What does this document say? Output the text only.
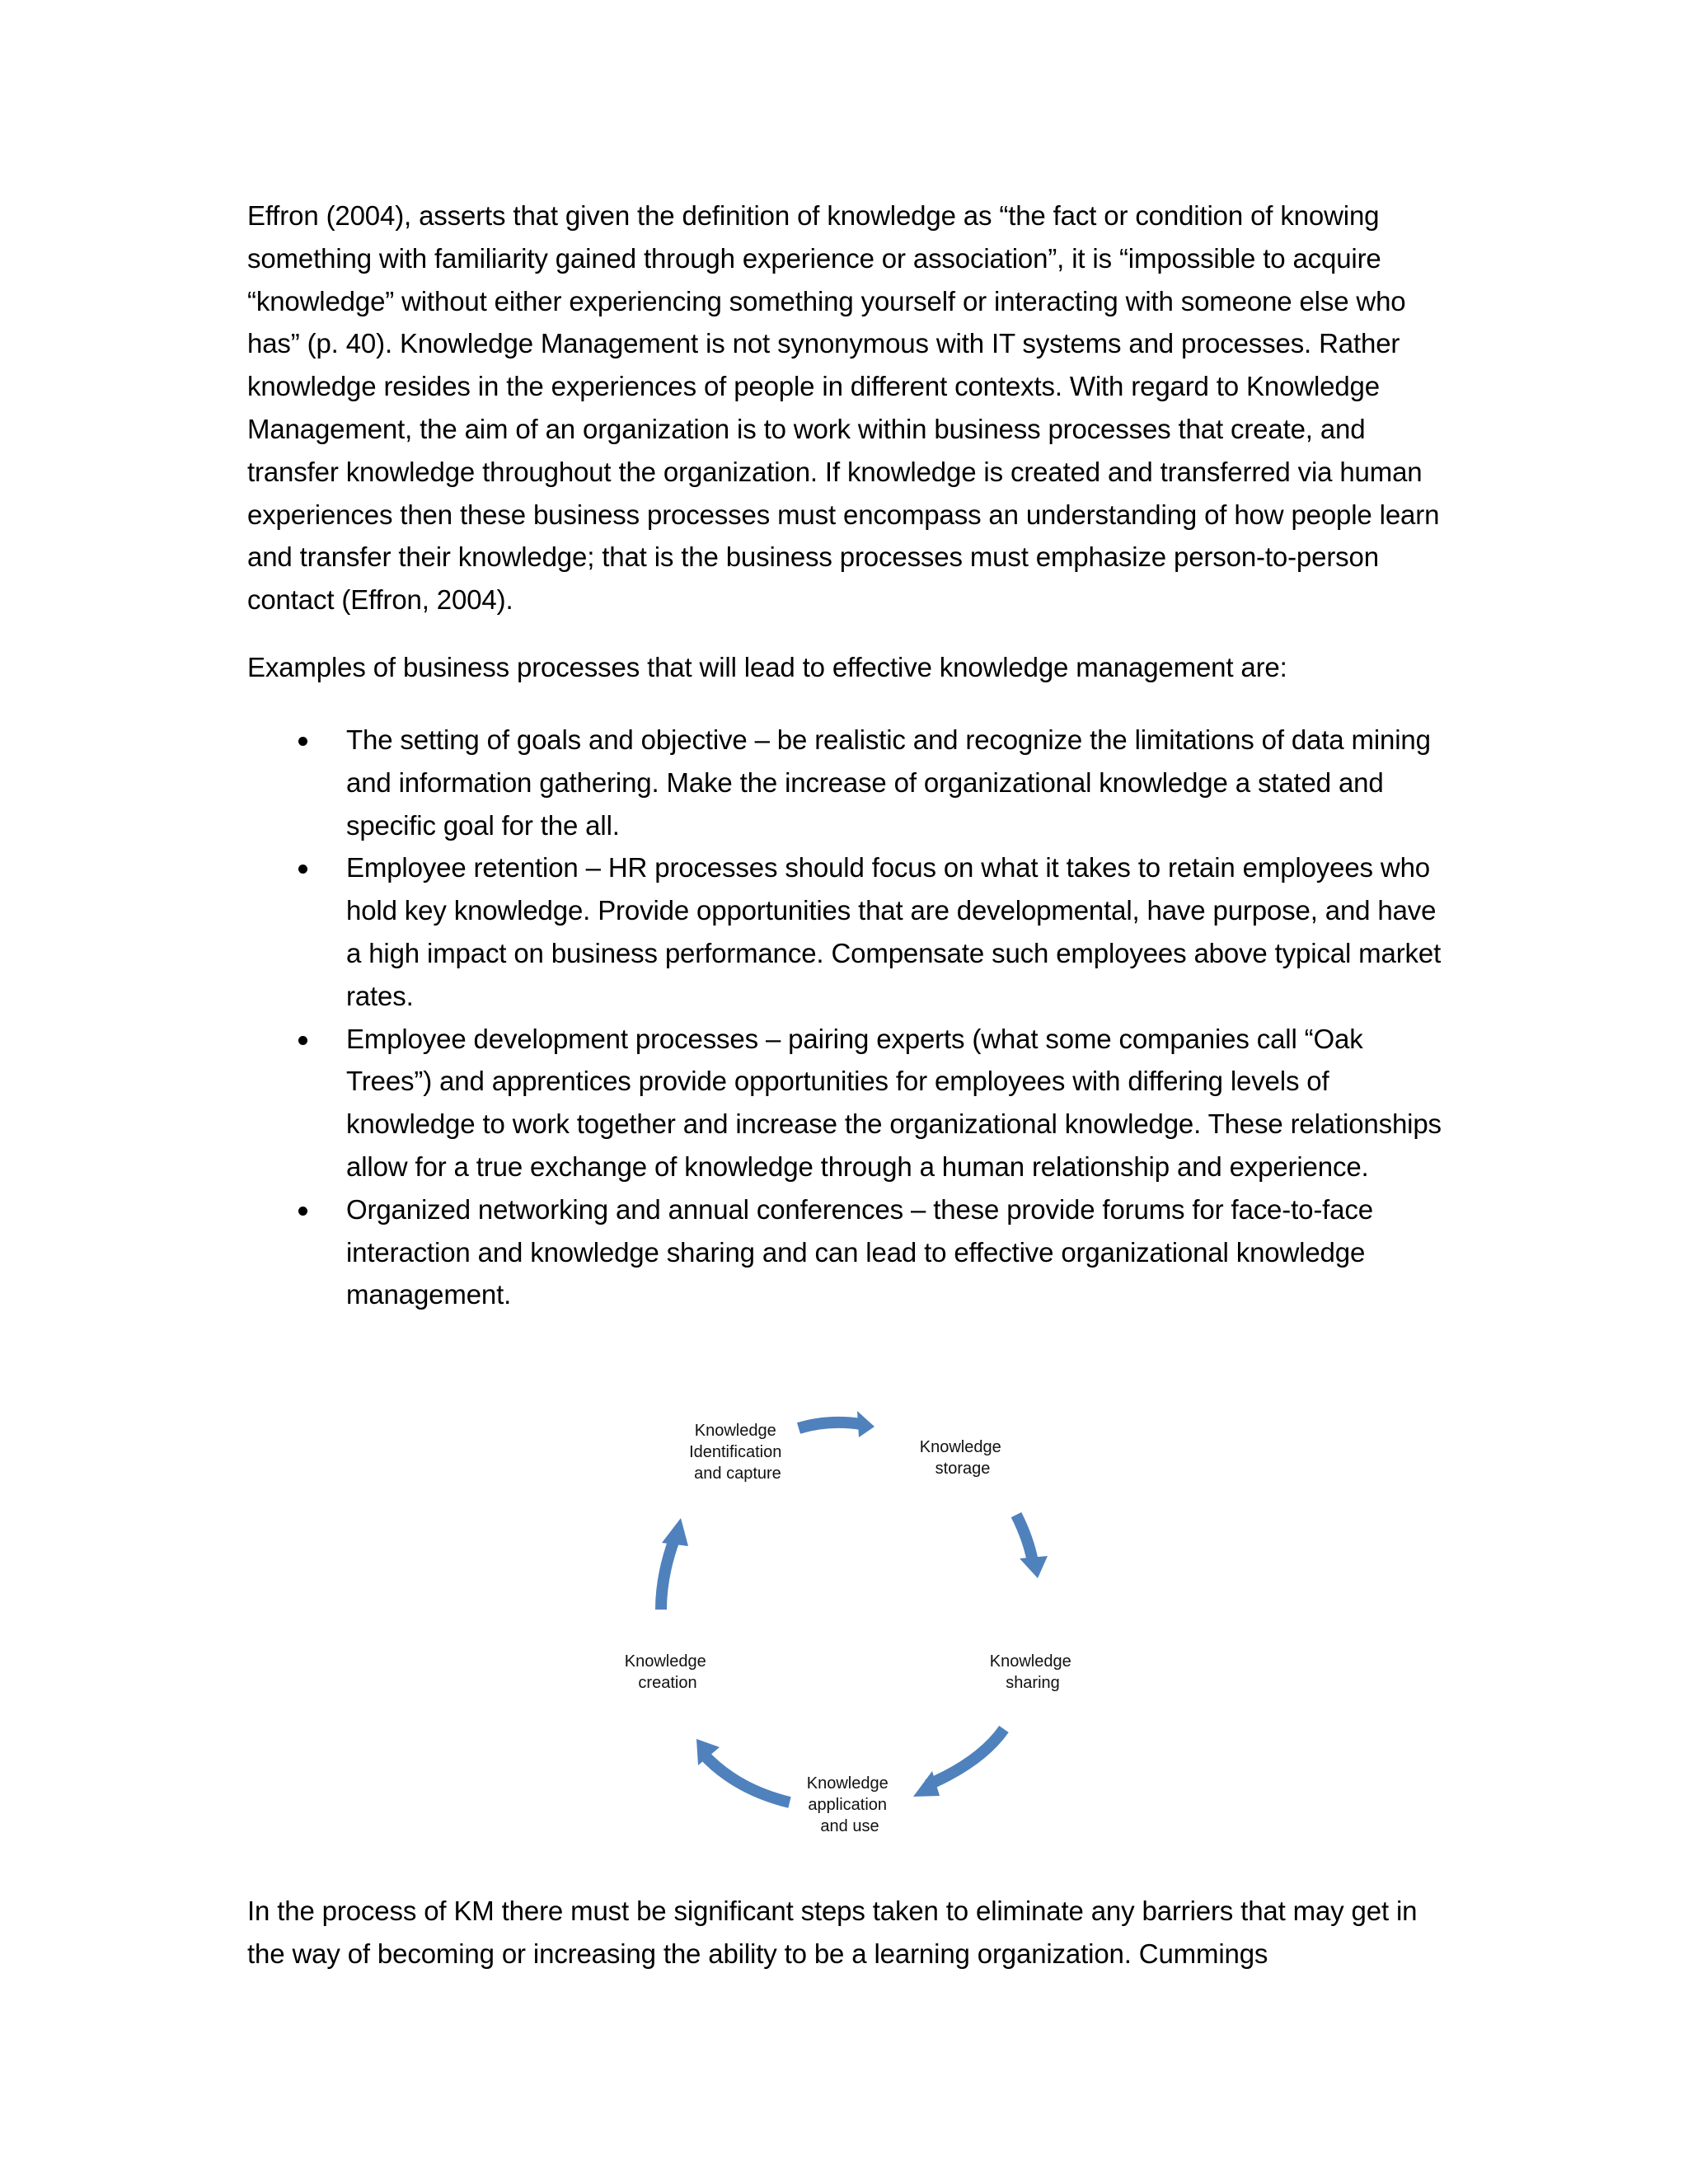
Effron (2004), asserts that given the definition of knowledge as “the fact or condition of knowing something with familiarity gained through experience or association”, it is “impossible to acquire “knowledge” without either experiencing something yourself or interacting with someone else who has” (p. 40). Knowledge Management is not synonymous with IT systems and processes. Rather knowledge resides in the experiences of people in different contexts. With regard to Knowledge Management, the aim of an organization is to work within business processes that create, and transfer knowledge throughout the organization. If knowledge is created and transferred via human experiences then these business processes must encompass an understanding of how people learn and transfer their knowledge; that is the business processes must emphasize person-to-person contact (Effron, 2004).

Examples of business processes that will lead to effective knowledge management are:

The setting of goals and objective – be realistic and recognize the limitations of data mining and information gathering. Make the increase of organizational knowledge a stated and specific goal for the all.
Employee retention – HR processes should focus on what it takes to retain employees who hold key knowledge. Provide opportunities that are developmental, have purpose, and have a high impact on business performance. Compensate such employees above typical market rates.
Employee development processes – pairing experts (what some companies call “Oak Trees”) and apprentices provide opportunities for employees with differing levels of knowledge to work together and increase the organizational knowledge. These relationships allow for a true exchange of knowledge through a human relationship and experience.
Organized networking and annual conferences – these provide forums for face-to-face interaction and knowledge sharing and can lead to effective organizational knowledge management.
Knowledge Identification and capture
Knowledge storage
Knowledge sharing
Knowledge application and use
Knowledge creation

In the process of KM there must be significant steps taken to eliminate any barriers that may get in the way of becoming or increasing the ability to be a learning organization. Cummings
